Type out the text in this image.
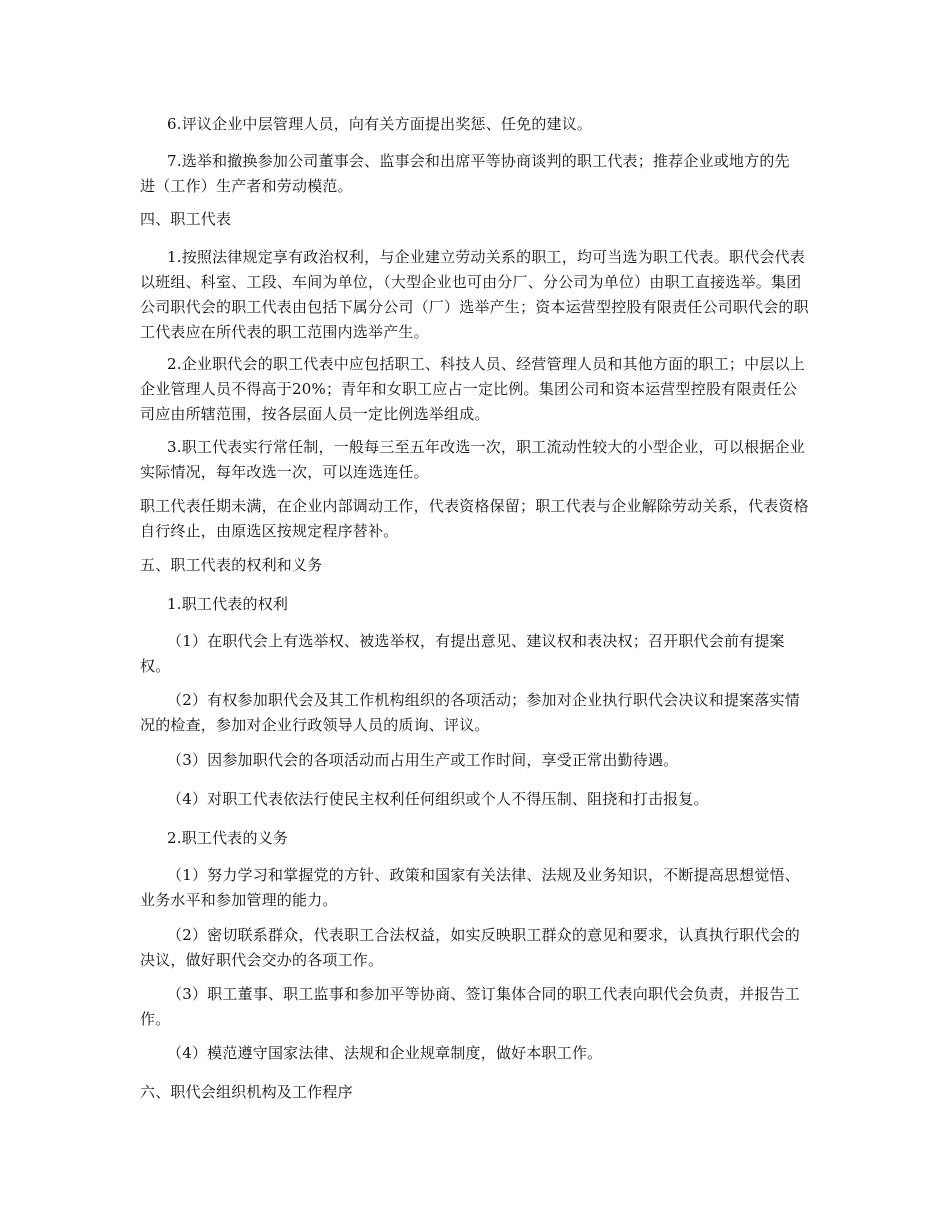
6.评议企业中层管理人员，向有关方面提出奖惩、任免的建议。

7.选举和撤换参加公司董事会、监事会和出席平等协商谈判的职工代表；推荐企业或地方的先进（工作）生产者和劳动模范。

四、职工代表

1.按照法律规定享有政治权利，与企业建立劳动关系的职工，均可当选为职工代表。职代会代表以班组、科室、工段、车间为单位，（大型企业也可由分厂、分公司为单位）由职工直接选举。集团公司职代会的职工代表由包括下属分公司（厂）选举产生；资本运营型控股有限责任公司职代会的职工代表应在所代表的职工范围内选举产生。

2.企业职代会的职工代表中应包括职工、科技人员、经营管理人员和其他方面的职工；中层以上企业管理人员不得高于20%；青年和女职工应占一定比例。集团公司和资本运营型控股有限责任公司应由所辖范围，按各层面人员一定比例选举组成。

3.职工代表实行常任制，一般每三至五年改选一次，职工流动性较大的小型企业，可以根据企业实际情况，每年改选一次，可以连选连任。

职工代表任期未满，在企业内部调动工作，代表资格保留；职工代表与企业解除劳动关系，代表资格自行终止，由原选区按规定程序替补。

五、职工代表的权利和义务

1.职工代表的权利

（1）在职代会上有选举权、被选举权，有提出意见、建议权和表决权；召开职代会前有提案权。

（2）有权参加职代会及其工作机构组织的各项活动；参加对企业执行职代会决议和提案落实情况的检查，参加对企业行政领导人员的质询、评议。

（3）因参加职代会的各项活动而占用生产或工作时间，享受正常出勤待遇。

（4）对职工代表依法行使民主权利任何组织或个人不得压制、阻挠和打击报复。

2.职工代表的义务

（1）努力学习和掌握党的方针、政策和国家有关法律、法规及业务知识，不断提高思想觉悟、业务水平和参加管理的能力。

（2）密切联系群众，代表职工合法权益，如实反映职工群众的意见和要求，认真执行职代会的决议，做好职代会交办的各项工作。

（3）职工董事、职工监事和参加平等协商、签订集体合同的职工代表向职代会负责，并报告工作。

（4）模范遵守国家法律、法规和企业规章制度，做好本职工作。

六、职代会组织机构及工作程序
